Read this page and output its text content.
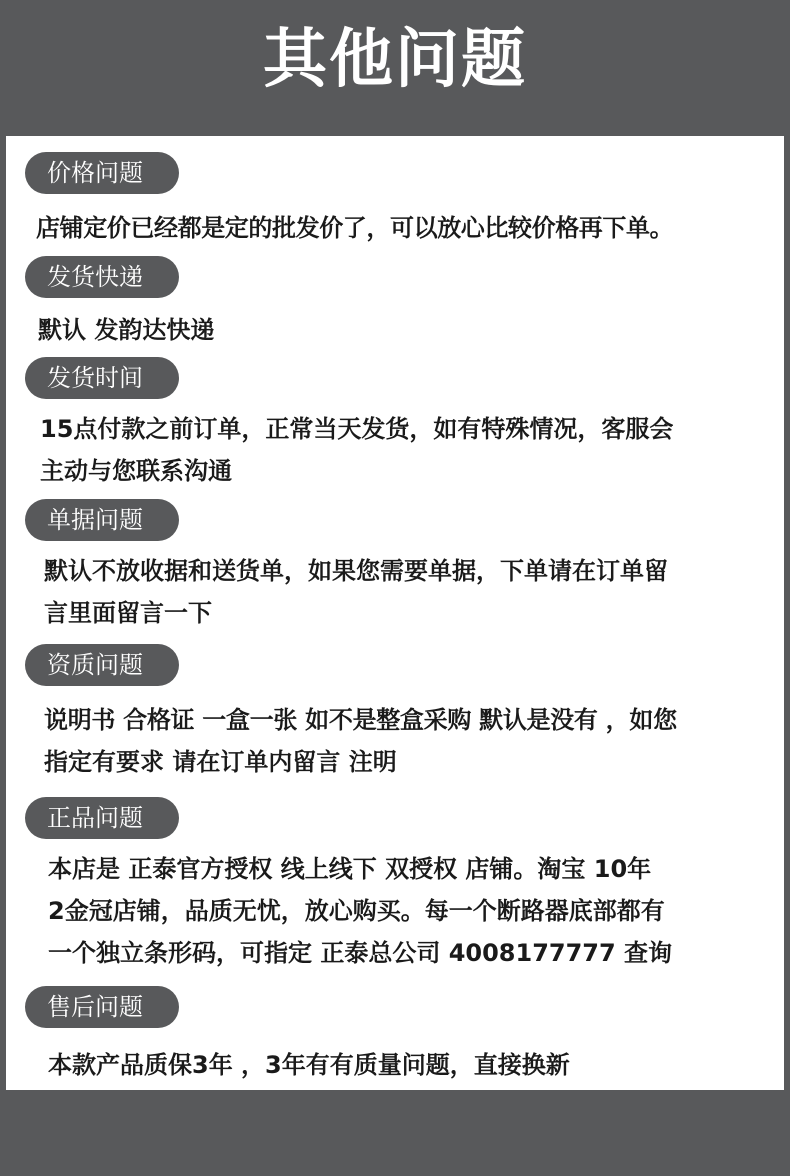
其他问题
价格问题
店铺定价已经都是定的批发价了，可以放心比较价格再下单。
发货快递
默认 发韵达快递
发货时间
15点付款之前订单，正常当天发货，如有特殊情况，客服会
主动与您联系沟通
单据问题
默认不放收据和送货单，如果您需要单据，下单请在订单留
言里面留言一下
资质问题
说明书 合格证 一盒一张 如不是整盒采购 默认是没有 ，如您
指定有要求 请在订单内留言 注明
正品问题
本店是 正泰官方授权 线上线下 双授权 店铺。淘宝 10年
2金冠店铺，品质无忧，放心购买。每一个断路器底部都有
一个独立条形码，可指定 正泰总公司 4008177777 查询
售后问题
本款产品质保3年 ，3年有有质量问题，直接换新
